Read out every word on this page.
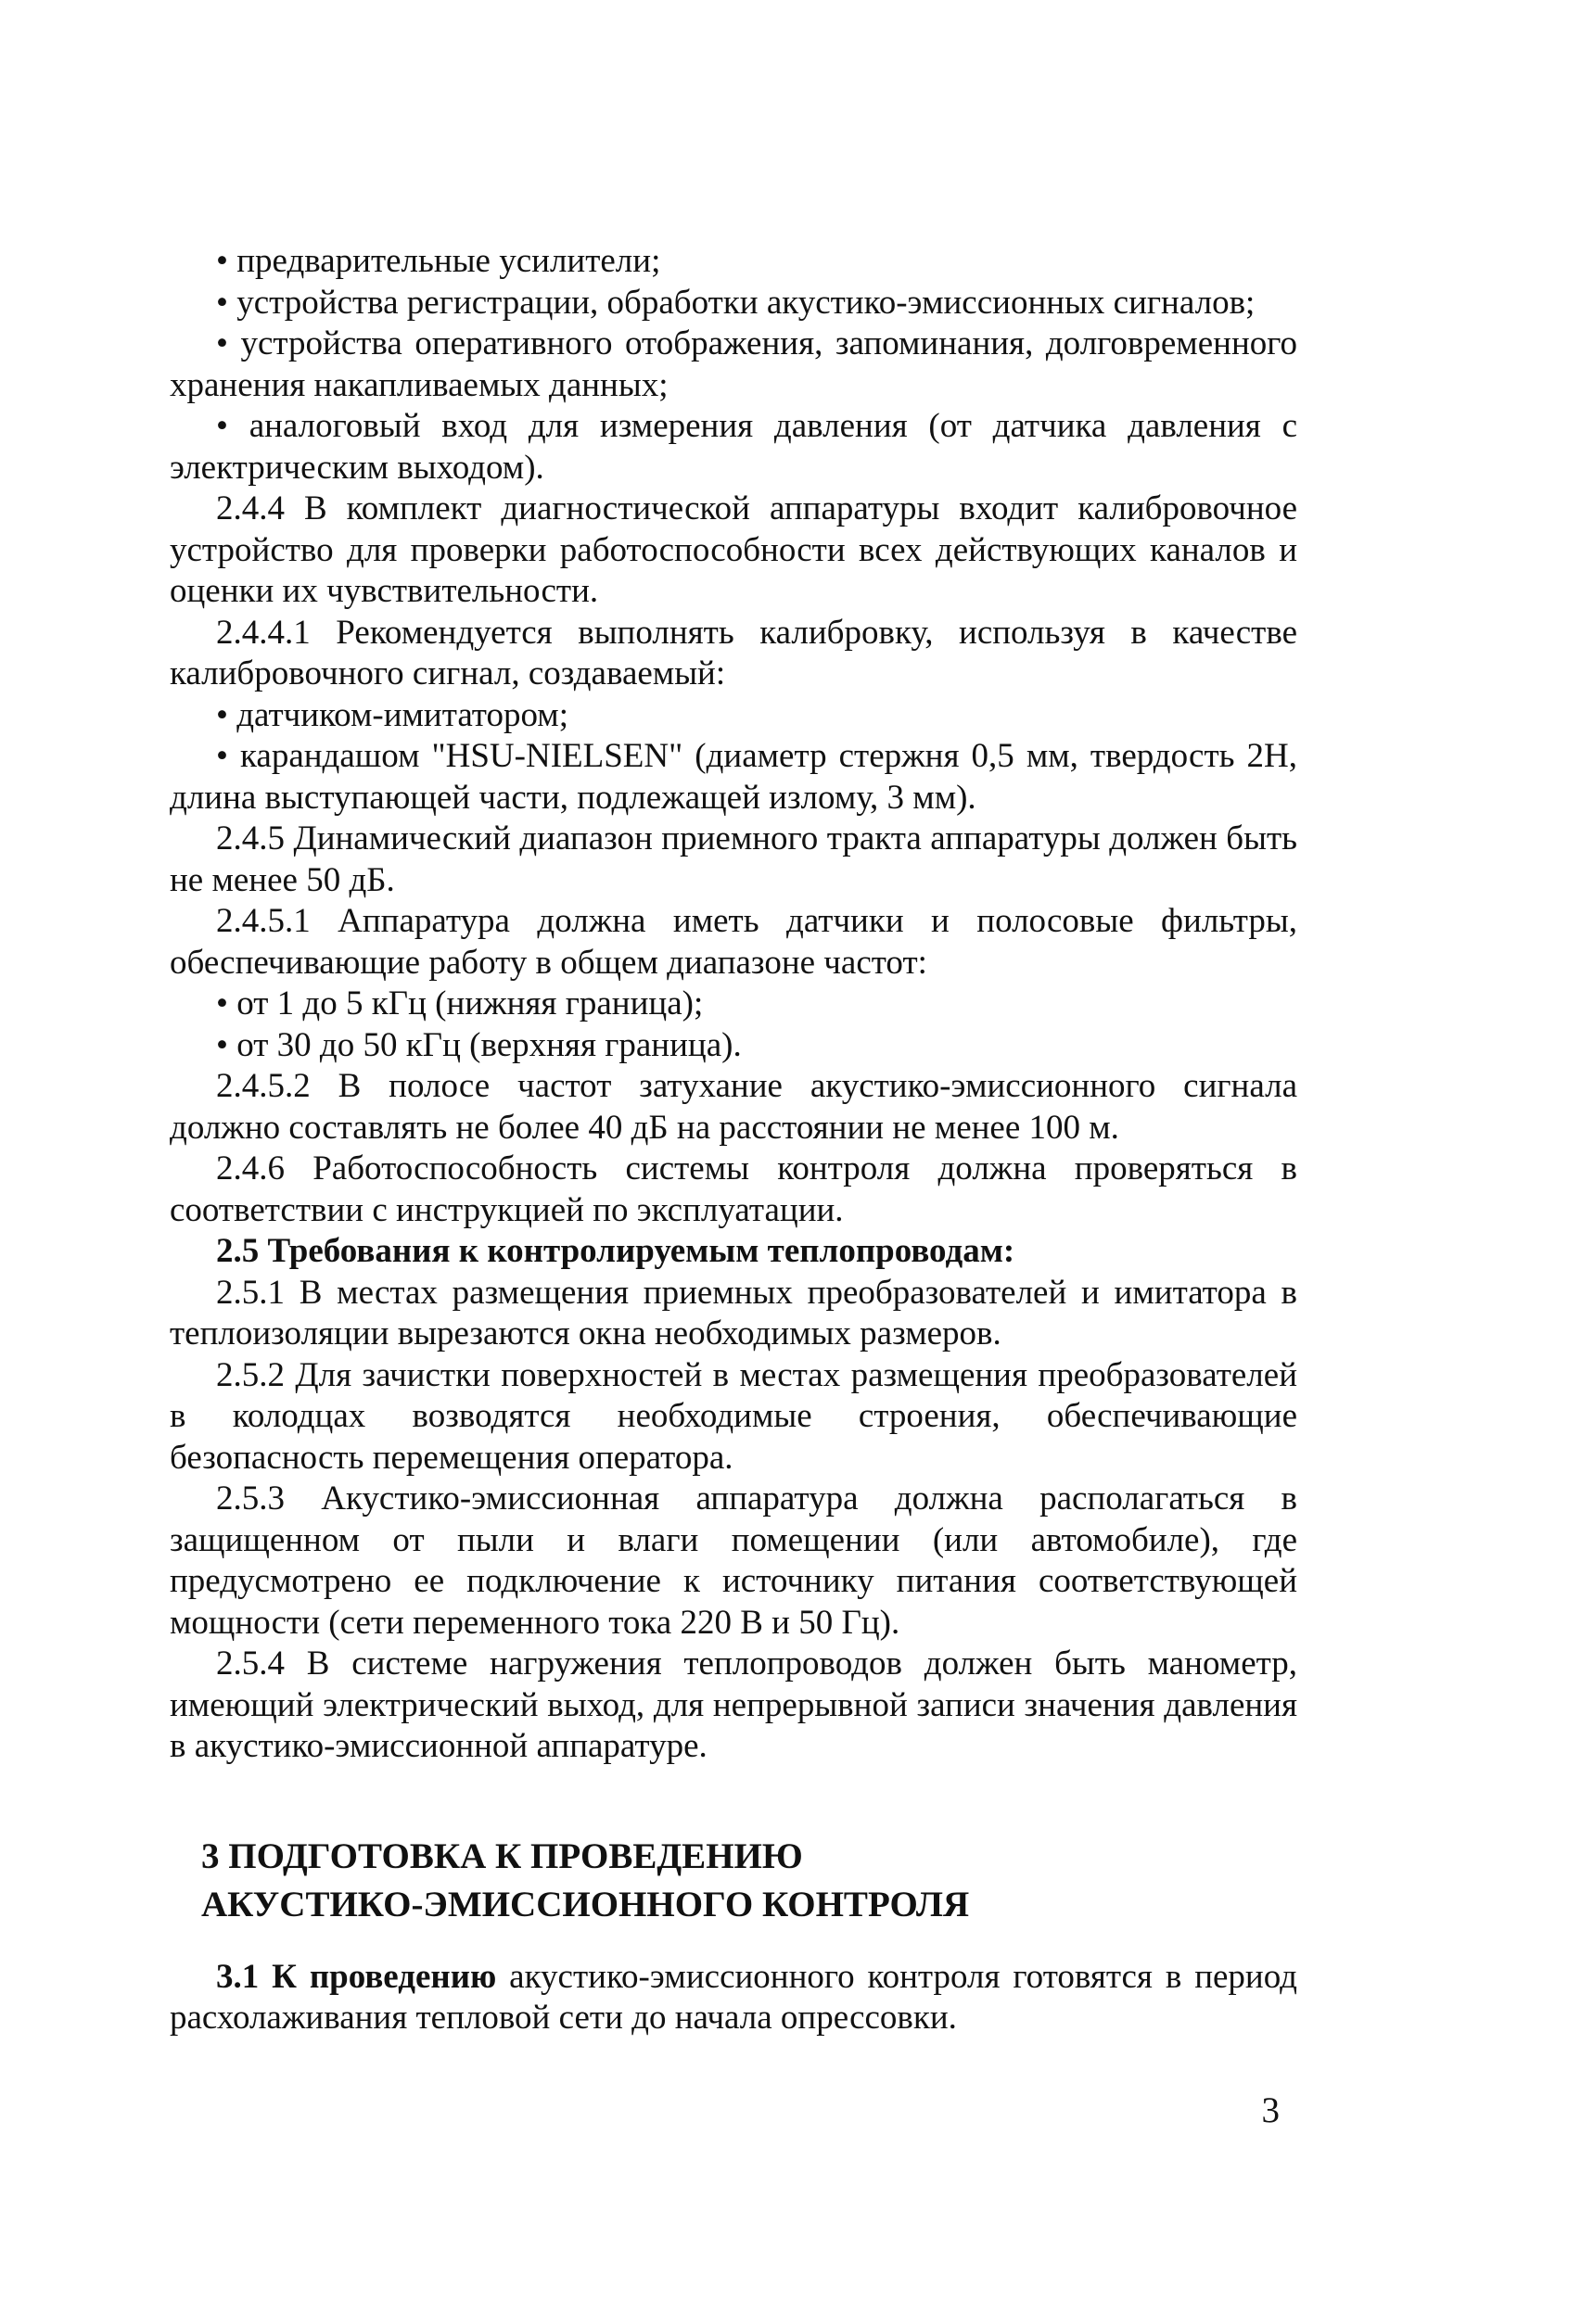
• предварительные усилители;

• устройства регистрации, обработки акустико-эмиссионных сигналов;

• устройства оперативного отображения, запоминания, долговременного хранения накапливаемых данных;

• аналоговый вход для измерения давления (от датчика давления с электрическим выходом).

2.4.4 В комплект диагностической аппаратуры входит калибровочное устройство для проверки работоспособности всех действующих каналов и оценки их чувствительности.

2.4.4.1 Рекомендуется выполнять калибровку, используя в качестве калибровочного сигнал, создаваемый:

• датчиком-имитатором;

• карандашом "HSU-NIELSEN" (диаметр стержня 0,5 мм, твердость 2Н, длина выступающей части, подлежащей излому, 3 мм).

2.4.5 Динамический диапазон приемного тракта аппаратуры должен быть не менее 50 дБ.

2.4.5.1 Аппаратура должна иметь датчики и полосовые фильтры, обеспечивающие работу в общем диапазоне частот:

• от 1 до 5 кГц (нижняя граница);

• от 30 до 50 кГц (верхняя граница).

2.4.5.2 В полосе частот затухание акустико-эмиссионного сигнала должно составлять не более 40 дБ на расстоянии не менее 100 м.

2.4.6 Работоспособность системы контроля должна проверяться в соответствии с инструкцией по эксплуатации.

2.5 Требования к контролируемым теплопроводам:

2.5.1 В местах размещения приемных преобразователей и имитатора в теплоизоляции вырезаются окна необходимых размеров.

2.5.2 Для зачистки поверхностей в местах размещения преобразователей в колодцах возводятся необходимые строения, обеспечивающие безопасность перемещения оператора.

2.5.3 Акустико-эмиссионная аппаратура должна располагаться в защищенном от пыли и влаги помещении (или автомобиле), где предусмотрено ее подключение к источнику питания соответствующей мощности (сети переменного тока 220 В и 50 Гц).

2.5.4 В системе нагружения теплопроводов должен быть манометр, имеющий электрический выход, для непрерывной записи значения давления в акустико-эмиссионной аппаратуре.

3 ПОДГОТОВКА К ПРОВЕДЕНИЮ
АКУСТИКО-ЭМИССИОННОГО КОНТРОЛЯ

3.1 К проведению акустико-эмиссионного контроля готовятся в период расхолаживания тепловой сети до начала опрессовки.

3
